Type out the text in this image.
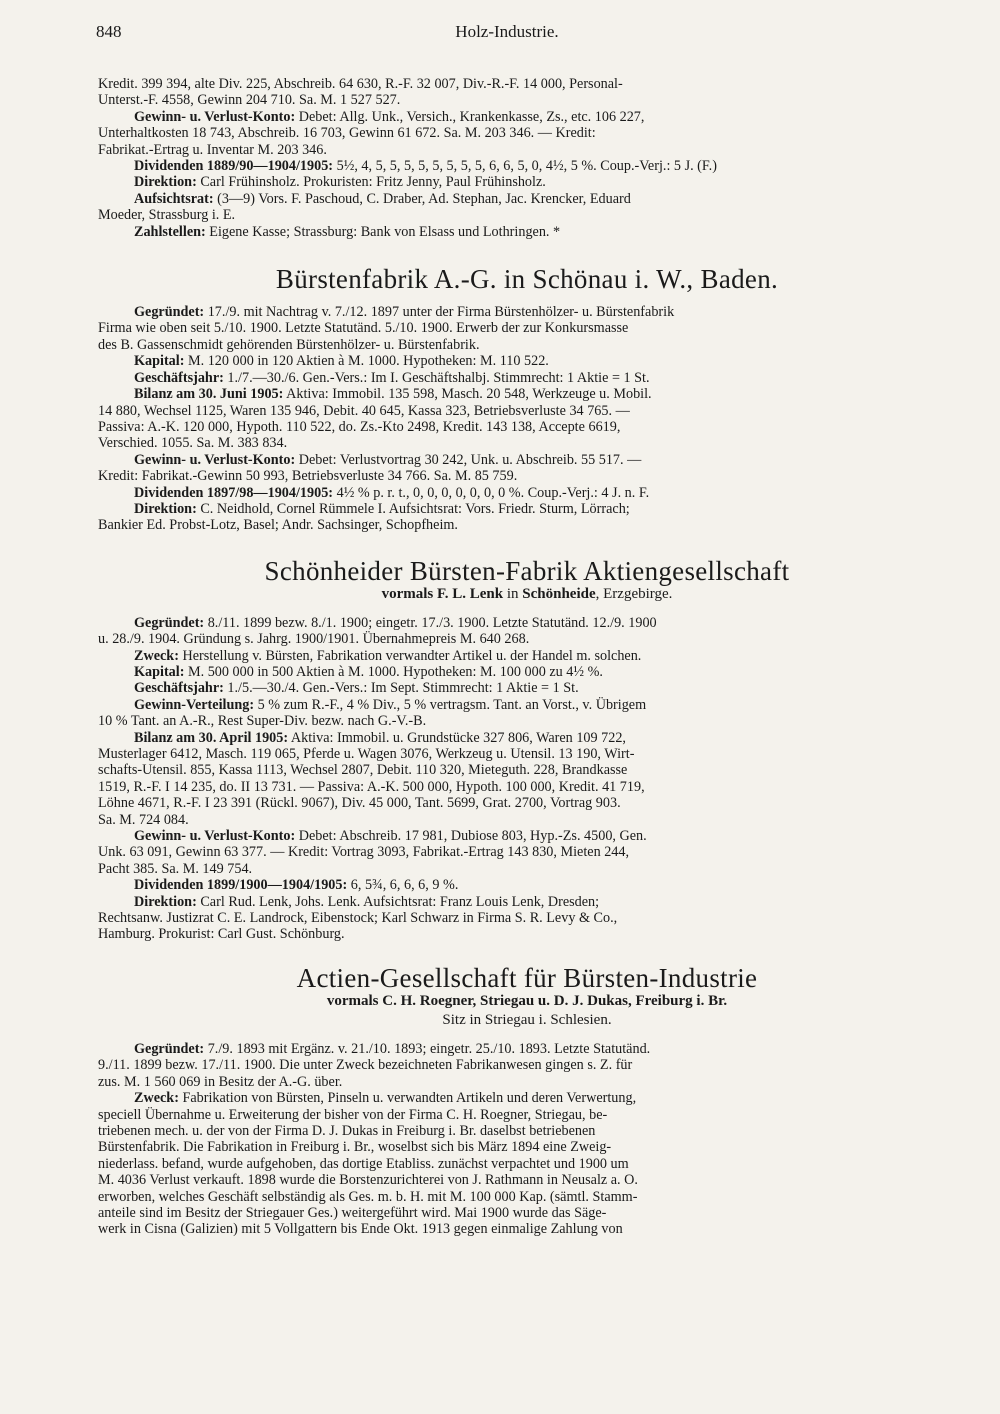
848	Holz-Industrie.

Kredit. 399 394, alte Div. 225, Abschreib. 64 630, R.-F. 32 007, Div.-R.-F. 14 000, Personal-

Unterst.-F. 4558, Gewinn 204 710. Sa. M. 1 527 527.

Gewinn- u. Verlust-Konto: Debet: Allg. Unk., Versich., Krankenkasse, Zs., etc. 106 227,

Unterhaltkosten 18 743, Abschreib. 16 703, Gewinn 61 672. Sa. M. 203 346. — Kredit:

Fabrikat.-Ertrag u. Inventar M. 203 346.

Dividenden 1889/90—1904/1905: 5½, 4, 5, 5, 5, 5, 5, 5, 5, 5, 6, 6, 5, 0, 4½, 5 %. Coup.-Verj.: 5 J. (F.)

Direktion: Carl Frühinsholz. Prokuristen: Fritz Jenny, Paul Frühinsholz.

Aufsichtsrat: (3—9) Vors. F. Paschoud, C. Draber, Ad. Stephan, Jac. Krencker, Eduard

Moeder, Strassburg i. E.

Zahlstellen: Eigene Kasse; Strassburg: Bank von Elsass und Lothringen. *

Bürstenfabrik A.-G. in Schönau i. W., Baden.

Gegründet: 17./9. mit Nachtrag v. 7./12. 1897 unter der Firma Bürstenhölzer- u. Bürstenfabrik

Firma wie oben seit 5./10. 1900. Letzte Statutänd. 5./10. 1900. Erwerb der zur Konkursmasse

des B. Gassenschmidt gehörenden Bürstenhölzer- u. Bürstenfabrik.

Kapital: M. 120 000 in 120 Aktien à M. 1000. Hypotheken: M. 110 522.

Geschäftsjahr: 1./7.—30./6. Gen.-Vers.: Im I. Geschäftshalbj. Stimmrecht: 1 Aktie = 1 St.

Bilanz am 30. Juni 1905: Aktiva: Immobil. 135 598, Masch. 20 548, Werkzeuge u. Mobil.

14 880, Wechsel 1125, Waren 135 946, Debit. 40 645, Kassa 323, Betriebsverluste 34 765. —

Passiva: A.-K. 120 000, Hypoth. 110 522, do. Zs.-Kto 2498, Kredit. 143 138, Accepte 6619,

Verschied. 1055. Sa. M. 383 834.

Gewinn- u. Verlust-Konto: Debet: Verlustvortrag 30 242, Unk. u. Abschreib. 55 517. —

Kredit: Fabrikat.-Gewinn 50 993, Betriebsverluste 34 766. Sa. M. 85 759.

Dividenden 1897/98—1904/1905: 4½ % p. r. t., 0, 0, 0, 0, 0, 0, 0 %. Coup.-Verj.: 4 J. n. F.

Direktion: C. Neidhold, Cornel Rümmele I. Aufsichtsrat: Vors. Friedr. Sturm, Lörrach;

Bankier Ed. Probst-Lotz, Basel; Andr. Sachsinger, Schopfheim.

Schönheider Bürsten-Fabrik Aktiengesellschaft
vormals F. L. Lenk in Schönheide, Erzgebirge.

Gegründet: 8./11. 1899 bezw. 8./1. 1900; eingetr. 17./3. 1900. Letzte Statutänd. 12./9. 1900

u. 28./9. 1904. Gründung s. Jahrg. 1900/1901. Übernahmepreis M. 640 268.

Zweck: Herstellung v. Bürsten, Fabrikation verwandter Artikel u. der Handel m. solchen.

Kapital: M. 500 000 in 500 Aktien à M. 1000. Hypotheken: M. 100 000 zu 4½ %.

Geschäftsjahr: 1./5.—30./4. Gen.-Vers.: Im Sept. Stimmrecht: 1 Aktie = 1 St.

Gewinn-Verteilung: 5 % zum R.-F., 4 % Div., 5 % vertragsm. Tant. an Vorst., v. Übrigem

10 % Tant. an A.-R., Rest Super-Div. bezw. nach G.-V.-B.

Bilanz am 30. April 1905: Aktiva: Immobil. u. Grundstücke 327 806, Waren 109 722,

Musterlager 6412, Masch. 119 065, Pferde u. Wagen 3076, Werkzeug u. Utensil. 13 190, Wirt-

schafts-Utensil. 855, Kassa 1113, Wechsel 2807, Debit. 110 320, Mieteguth. 228, Brandkasse

1519, R.-F. I 14 235, do. II 13 731. — Passiva: A.-K. 500 000, Hypoth. 100 000, Kredit. 41 719,

Löhne 4671, R.-F. I 23 391 (Rückl. 9067), Div. 45 000, Tant. 5699, Grat. 2700, Vortrag 903.

Sa. M. 724 084.

Gewinn- u. Verlust-Konto: Debet: Abschreib. 17 981, Dubiose 803, Hyp.-Zs. 4500, Gen.

Unk. 63 091, Gewinn 63 377. — Kredit: Vortrag 3093, Fabrikat.-Ertrag 143 830, Mieten 244,

Pacht 385. Sa. M. 149 754.

Dividenden 1899/1900—1904/1905: 6, 5¾, 6, 6, 6, 9 %.

Direktion: Carl Rud. Lenk, Johs. Lenk. Aufsichtsrat: Franz Louis Lenk, Dresden;

Rechtsanw. Justizrat C. E. Landrock, Eibenstock; Karl Schwarz in Firma S. R. Levy & Co.,

Hamburg. Prokurist: Carl Gust. Schönburg.

Actien-Gesellschaft für Bürsten-Industrie
vormals C. H. Roegner, Striegau u. D. J. Dukas, Freiburg i. Br.
Sitz in Striegau i. Schlesien.

Gegründet: 7./9. 1893 mit Ergänz. v. 21./10. 1893; eingetr. 25./10. 1893. Letzte Statutänd.

9./11. 1899 bezw. 17./11. 1900. Die unter Zweck bezeichneten Fabrikanwesen gingen s. Z. für

zus. M. 1 560 069 in Besitz der A.-G. über.

Zweck: Fabrikation von Bürsten, Pinseln u. verwandten Artikeln und deren Verwertung,

speciell Übernahme u. Erweiterung der bisher von der Firma C. H. Roegner, Striegau, be-

triebenen mech. u. der von der Firma D. J. Dukas in Freiburg i. Br. daselbst betriebenen

Bürstenfabrik. Die Fabrikation in Freiburg i. Br., woselbst sich bis März 1894 eine Zweig-

niederlass. befand, wurde aufgehoben, das dortige Etabliss. zunächst verpachtet und 1900 um

M. 4036 Verlust verkauft. 1898 wurde die Borstenzurichterei von J. Rathmann in Neusalz a. O.

erworben, welches Geschäft selbständig als Ges. m. b. H. mit M. 100 000 Kap. (sämtl. Stamm-

anteile sind im Besitz der Striegauer Ges.) weitergeführt wird. Mai 1900 wurde das Säge-

werk in Cisna (Galizien) mit 5 Vollgattern bis Ende Okt. 1913 gegen einmalige Zahlung von
